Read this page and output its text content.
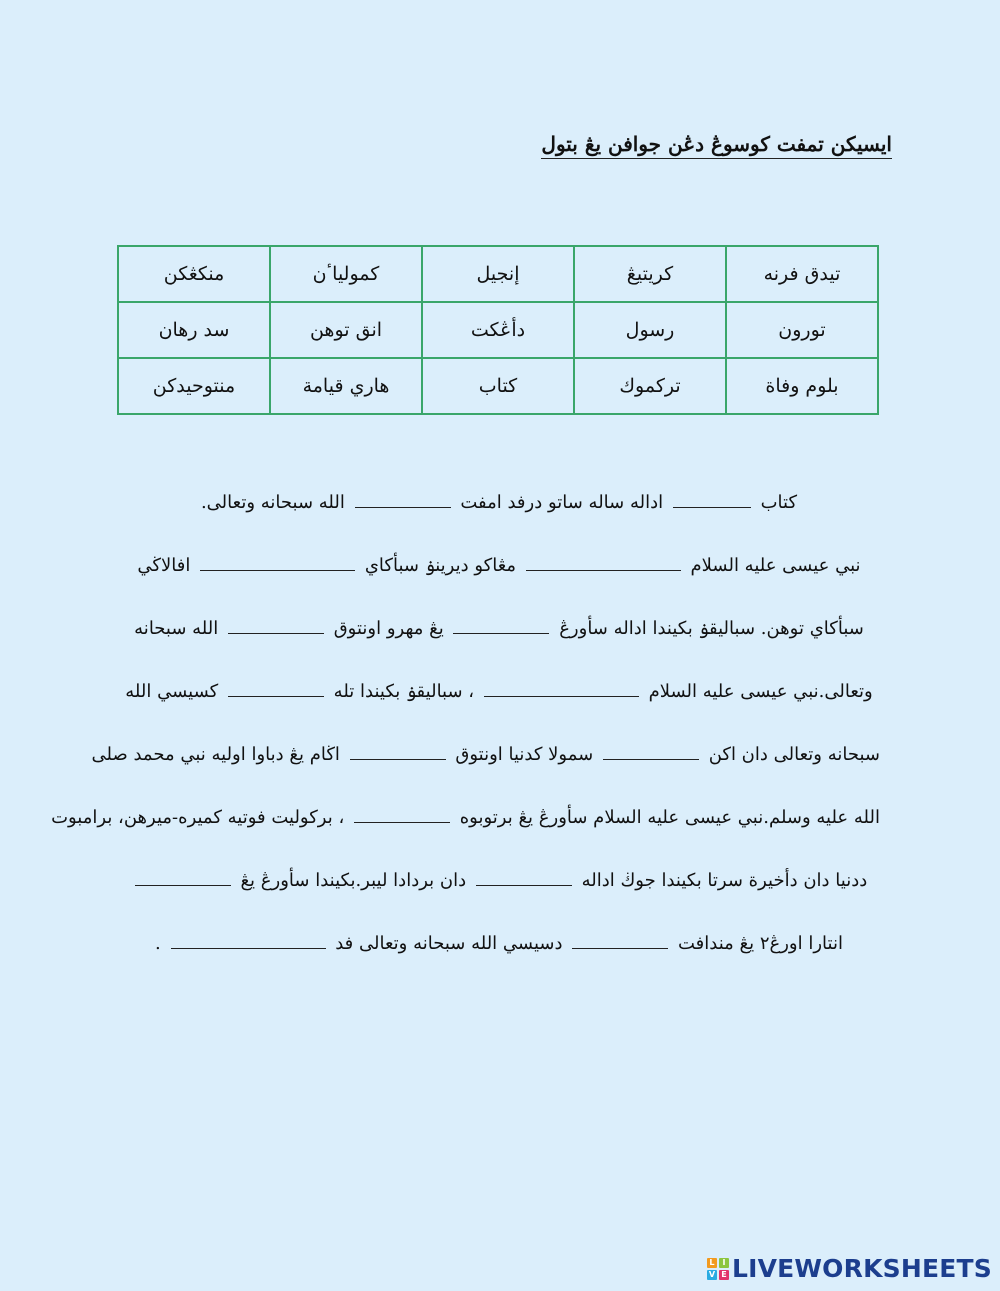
ايسيكن تمفت كوسوڠ دڠن جوافن يڠ بتول
تيدق فرنه	كريتيڠ	إنجيل	كمولياٴن	منكڠكن
تورون	رسول	دأڠكت	انق توهن	سد رهان
بلوم وفاة	تركموك	كتاب	هاري قيامة	منتوحيدكن
كتاب  اداله ساله ساتو درفد امفت  الله سبحانه وتعالى.
نبي عيسى عليه السلام  مڠاكو ديرينۏ سبأكاي  افالاڬي
سبأكاي توهن. سباليقۏ بكيندا اداله سأورڠ  يڠ مهرو اونتوق  الله سبحانه
وتعالى.نبي عيسى عليه السلام  ، سباليقۏ بكيندا تله  كسيسي الله
سبحانه وتعالى دان اكن  سمولا كدنيا اونتوق  اڬام يڠ دباوا اوليه نبي محمد صلى
الله عليه وسلم.نبي عيسى عليه السلام سأورڠ يڠ برتوبوه  ، بركوليت فوتيه كميره-ميرهن، برامبوت
ددنيا دان دأخيرة سرتا بكيندا جوڬ اداله  دان بردادا ليبر.بكيندا سأورڠ يڠ
انتارا اورڠ٢ يڠ مندافت  دسيسي الله سبحانه وتعالى فد  .
L I
V E LIVEWORKSHEETS
